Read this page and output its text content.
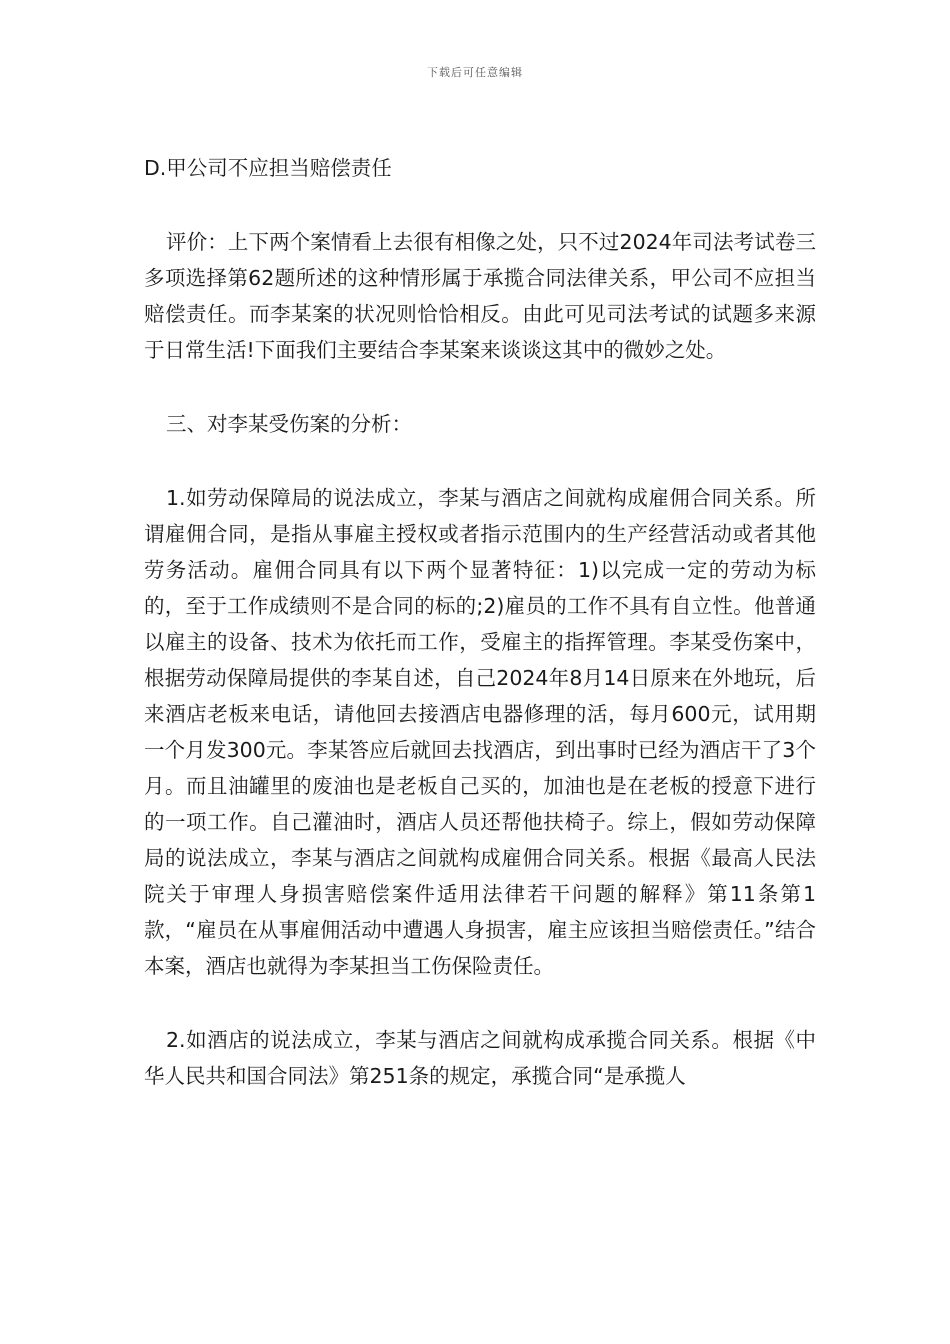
下载后可任意编辑

D.甲公司不应担当赔偿责任

评价：上下两个案情看上去很有相像之处，只不过2024年司法考试卷三多项选择第62题所述的这种情形属于承揽合同法律关系，甲公司不应担当赔偿责任。而李某案的状况则恰恰相反。由此可见司法考试的试题多来源于日常生活!下面我们主要结合李某案来谈谈这其中的微妙之处。

三、对李某受伤案的分析：

1.如劳动保障局的说法成立，李某与酒店之间就构成雇佣合同关系。所谓雇佣合同，是指从事雇主授权或者指示范围内的生产经营活动或者其他劳务活动。雇佣合同具有以下两个显著特征：1)以完成一定的劳动为标的，至于工作成绩则不是合同的标的;2)雇员的工作不具有自立性。他普通以雇主的设备、技术为依托而工作，受雇主的指挥管理。李某受伤案中，根据劳动保障局提供的李某自述，自己2024年8月14日原来在外地玩，后来酒店老板来电话，请他回去接酒店电器修理的活，每月600元，试用期一个月发300元。李某答应后就回去找酒店，到出事时已经为酒店干了3个月。而且油罐里的废油也是老板自己买的，加油也是在老板的授意下进行的一项工作。自己灌油时，酒店人员还帮他扶椅子。综上，假如劳动保障局的说法成立，李某与酒店之间就构成雇佣合同关系。根据《最高人民法院关于审理人身损害赔偿案件适用法律若干问题的解释》第11条第1款，“雇员在从事雇佣活动中遭遇人身损害，雇主应该担当赔偿责任。”结合本案，酒店也就得为李某担当工伤保险责任。

2.如酒店的说法成立，李某与酒店之间就构成承揽合同关系。根据《中华人民共和国合同法》第251条的规定，承揽合同“是承揽人
